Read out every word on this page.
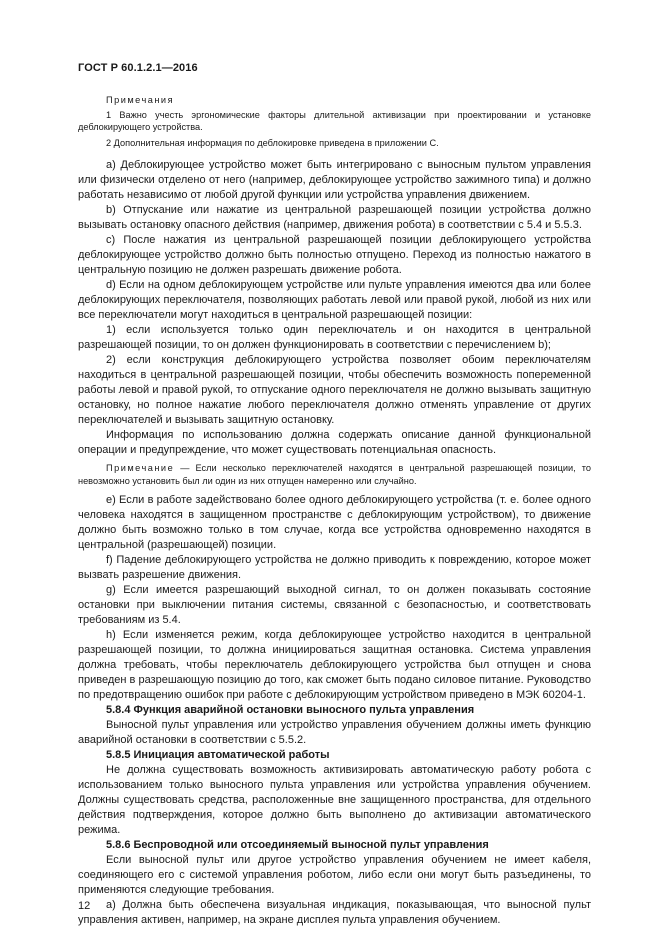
ГОСТ Р 60.1.2.1—2016
Примечания
1 Важно учесть эргономические факторы длительной активизации при проектировании и установке деблокирующего устройства.
2 Дополнительная информация по деблокировке приведена в приложении С.
а) Деблокирующее устройство может быть интегрировано с выносным пультом управления или физически отделено от него (например, деблокирующее устройство зажимного типа) и должно работать независимо от любой другой функции или устройства управления движением.
b) Отпускание или нажатие из центральной разрешающей позиции устройства должно вызывать остановку опасного действия (например, движения робота) в соответствии с 5.4 и 5.5.3.
c) После нажатия из центральной разрешающей позиции деблокирующего устройства деблокирующее устройство должно быть полностью отпущено. Переход из полностью нажатого в центральную позицию не должен разрешать движение робота.
d) Если на одном деблокирующем устройстве или пульте управления имеются два или более деблокирующих переключателя, позволяющих работать левой или правой рукой, любой из них или все переключатели могут находиться в центральной разрешающей позиции:
1) если используется только один переключатель и он находится в центральной разрешающей позиции, то он должен функционировать в соответствии с перечислением b);
2) если конструкция деблокирующего устройства позволяет обоим переключателям находиться в центральной разрешающей позиции, чтобы обеспечить возможность попеременной работы левой и правой рукой, то отпускание одного переключателя не должно вызывать защитную остановку, но полное нажатие любого переключателя должно отменять управление от других переключателей и вызывать защитную остановку.
Информация по использованию должна содержать описание данной функциональной операции и предупреждение, что может существовать потенциальная опасность.
Примечание — Если несколько переключателей находятся в центральной разрешающей позиции, то невозможно установить был ли один из них отпущен намеренно или случайно.
е) Если в работе задействовано более одного деблокирующего устройства (т. е. более одного человека находятся в защищенном пространстве с деблокирующим устройством), то движение должно быть возможно только в том случае, когда все устройства одновременно находятся в центральной (разрешающей) позиции.
f) Падение деблокирующего устройства не должно приводить к повреждению, которое может вызвать разрешение движения.
g) Если имеется разрешающий выходной сигнал, то он должен показывать состояние остановки при выключении питания системы, связанной с безопасностью, и соответствовать требованиям из 5.4.
h) Если изменяется режим, когда деблокирующее устройство находится в центральной разрешающей позиции, то должна инициироваться защитная остановка. Система управления должна требовать, чтобы переключатель деблокирующего устройства был отпущен и снова приведен в разрешающую позицию до того, как сможет быть подано силовое питание. Руководство по предотвращению ошибок при работе с деблокирующим устройством приведено в МЭК 60204-1.
5.8.4 Функция аварийной остановки выносного пульта управления
Выносной пульт управления или устройство управления обучением должны иметь функцию аварийной остановки в соответствии с 5.5.2.
5.8.5 Инициация автоматической работы
Не должна существовать возможность активизировать автоматическую работу робота с использованием только выносного пульта управления или устройства управления обучением. Должны существовать средства, расположенные вне защищенного пространства, для отдельного действия подтверждения, которое должно быть выполнено до активизации автоматического режима.
5.8.6 Беспроводной или отсоединяемый выносной пульт управления
Если выносной пульт или другое устройство управления обучением не имеет кабеля, соединяющего его с системой управления роботом, либо если они могут быть разъединены, то применяются следующие требования.
а) Должна быть обеспечена визуальная индикация, показывающая, что выносной пульт управления активен, например, на экране дисплея пульта управления обучением.
12
